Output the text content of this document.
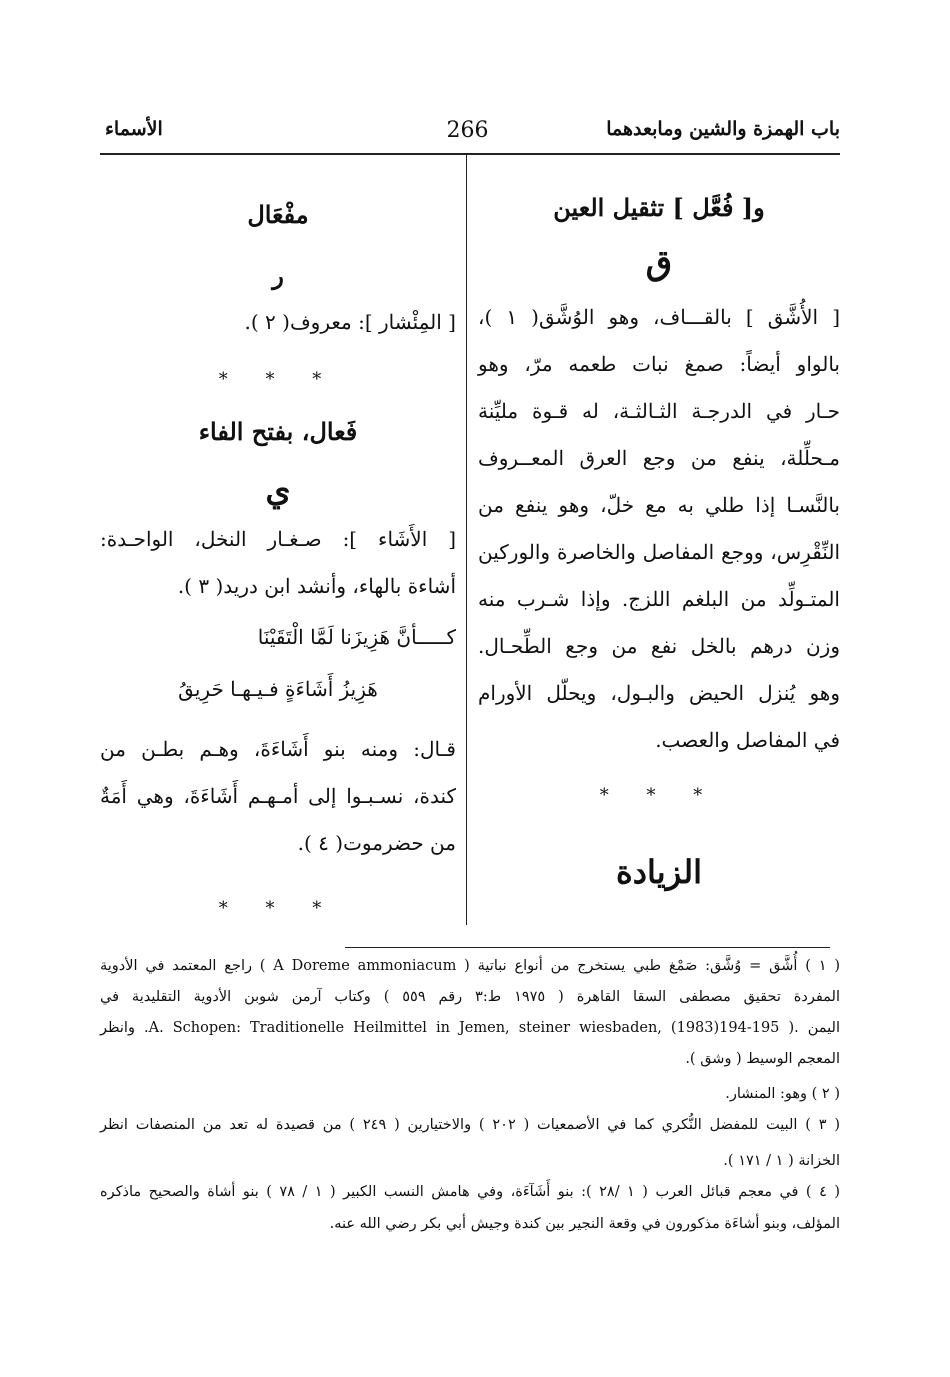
باب الهمزة والشين ومابعدهما
266
الأسماء
و[ فُعَّل ] تثقيل العين
ق
[ الأُشَّق ] بالقـــاف، وهو الوُشَّق( ١ )،
بالواو أيضاً: صمغ نبات طعمه مرّ، وهو
حـار في الدرجـة الثـالثـة، له قـوة مليِّنة
مـحلِّلة، ينفع من وجع العرق المعــروف
بالنَّسـا إذا طلي به مع خلّ، وهو ينفع من
النِّقْرِس، ووجع المفاصل والخاصرة والوركين
المتـولِّد من البلغم اللزج. وإذا شـرب منه
وزن درهم بالخل نفع من وجع الطِّحـال.
وهو يُنزل الحيض والبـول، ويحلّل الأورام
في المفاصل والعصب.
* * *
الزيادة
مفْعَال
ر
[ المِئْشار ]: معروف( ٢ ).
* * *
فَعال، بفتح الفاء
ي
[ الأَشَاء ]: صـغـار النخل، الواحـدة:
أشاءة بالهاء، وأنشد ابن دريد( ٣ ).
كـــــأنَّ هَزِيزَنا لَمَّا الْتَقَيْنَا
هَزِيزُ أَشَاءَةٍ فـيـهـا حَرِيقُ
قـال: ومنه بنو أَشَاءَةَ، وهـم بطـن من
كندة، نسـبـوا إلى أمـهـم أَشَاءَةَ، وهي أَمَةٌ
من حضرموت( ٤ ).
* * *
( ١ ) أُشَّق = وُشَّق: صَمْغ طبي يستخرج من أنواع نباتية ( A Doreme ammoniacum ) راجع المعتمد في الأدوية
المفردة تحقيق مصطفى السقا القاهرة ( ١٩٧٥ ط:٣ رقم ٥٥٩ ) وكتاب آرمن شوبن الأدوية التقليدية في
اليمن .( A. Schopen: Traditionelle Heilmittel in Jemen, steiner wiesbaden, (1983)194-195. وانظر
المعجم الوسيط ( وشق ).
( ٢ ) وهو: المنشار.
( ٣ ) البيت للمفضل النُّكري كما في الأصمعيات ( ٢٠٢ ) والاختيارين ( ٢٤٩ ) من قصيدة له تعد من المنصفات انظر
الخزانة ( ١ / ١٧١ ).
( ٤ ) في معجم قبائل العرب ( ١ /٢٨ ): بنو أَشَآءَة، وفي هامش النسب الكبير ( ١ / ٧٨ ) بنو أشاة والصحيح ماذكره
المؤلف، وبنو أشاءَة مذكورون في وقعة النجير بين كندة وجيش أبي بكر رضي الله عنه.
